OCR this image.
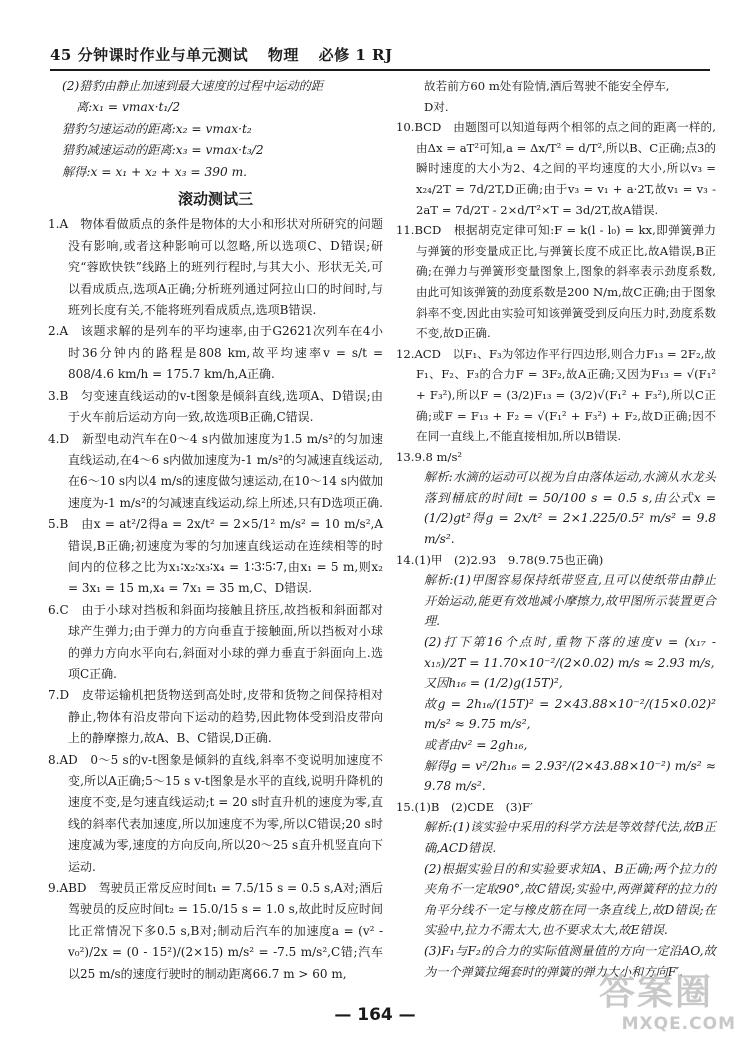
45 分钟课时作业与单元测试 物理 必修 1 RJ

(2)猎豹由静止加速到最大速度的过程中运动的距

离:x₁ = vmax·t₁/2

猎豹匀速运动的距离:x₂ = vmax·t₂

猎豹减速运动的距离:x₃ = vmax·t₃/2

解得:x = x₁ + x₂ + x₃ = 390 m.

滚动测试三

1.A　物体看做质点的条件是物体的大小和形状对所研究的问题没有影响,或者这种影响可以忽略,所以选项C、D错误;研究“蓉欧快铁”线路上的班列行程时,与其大小、形状无关,可以看成质点,选项A正确;分析班列通过阿拉山口的时间时,与班列长度有关,不能将班列看成质点,选项B错误.

2.A　该题求解的是列车的平均速率,由于G2621次列车在4小时36分钟内的路程是808 km,故平均速率v = s/t = 808/4.6 km/h = 175.7 km/h,A正确.

3.B　匀变速直线运动的v-t图象是倾斜直线,选项A、D错误;由于火车前后运动方向一致,故选项B正确,C错误.

4.D　新型电动汽车在0～4 s内做加速度为1.5 m/s²的匀加速直线运动,在4～6 s内做加速度为-1 m/s²的匀减速直线运动,在6～10 s内以4 m/s的速度做匀速运动,在10～14 s内做加速度为-1 m/s²的匀减速直线运动,综上所述,只有D选项正确.

5.B　由x = at²/2得a = 2x/t² = 2×5/1² m/s² = 10 m/s²,A错误,B正确;初速度为零的匀加速直线运动在连续相等的时间内的位移之比为x₁∶x₂∶x₃∶x₄ = 1∶3∶5∶7,由x₁ = 5 m,则x₂ = 3x₁ = 15 m,x₄ = 7x₁ = 35 m,C、D错误.

6.C　由于小球对挡板和斜面均接触且挤压,故挡板和斜面都对球产生弹力;由于弹力的方向垂直于接触面,所以挡板对小球的弹力方向水平向右,斜面对小球的弹力垂直于斜面向上.选项C正确.

7.D　皮带运输机把货物送到高处时,皮带和货物之间保持相对静止,物体有沿皮带向下运动的趋势,因此物体受到沿皮带向上的静摩擦力,故A、B、C错误,D正确.

8.AD　0～5 s的v-t图象是倾斜的直线,斜率不变说明加速度不变,所以A正确;5～15 s v-t图象是水平的直线,说明升降机的速度不变,是匀速直线运动;t = 20 s时直升机的速度为零,直线的斜率代表加速度,所以加速度不为零,所以C错误;20 s时速度减为零,速度的方向反向,所以20～25 s直升机竖直向下运动.

9.ABD　驾驶员正常反应时间t₁ = 7.5/15 s = 0.5 s,A对;酒后驾驶员的反应时间t₂ = 15.0/15 s = 1.0 s,故此时反应时间比正常情况下多0.5 s,B对;制动后汽车的加速度a = (v² - v₀²)/2x = (0 - 15²)/(2×15) m/s² = -7.5 m/s²,C错;汽车以25 m/s的速度行驶时的制动距离66.7 m > 60 m,

故若前方60 m处有险情,酒后驾驶不能安全停车,

D对.

10.BCD　由题图可以知道每两个相邻的点之间的距离一样的,由Δx = aT²可知,a = Δx/T² = d/T²,所以B、C正确;点3的瞬时速度的大小为2、4之间的平均速度的大小,所以v₃ = x₂₄/2T = 7d/2T,D正确;由于v₃ = v₁ + a·2T,故v₁ = v₃ - 2aT = 7d/2T - 2×d/T²×T = 3d/2T,故A错误.

11.BCD　根据胡克定律可知:F = k(l - l₀) = kx,即弹簧弹力与弹簧的形变量成正比,与弹簧长度不成正比,故A错误,B正确;在弹力与弹簧形变量图象上,图象的斜率表示劲度系数,由此可知该弹簧的劲度系数是200 N/m,故C正确;由于图象斜率不变,因此由实验可知该弹簧受到反向压力时,劲度系数不变,故D正确.

12.ACD　以F₁、F₃为邻边作平行四边形,则合力F₁₃ = 2F₂,故F₁、F₂、F₃的合力F = 3F₂,故A正确;又因为F₁₃ = √(F₁² + F₃²),所以F = (3/2)F₁₃ = (3/2)√(F₁² + F₃²),所以C正确;或F = F₁₃ + F₂ = √(F₁² + F₃²) + F₂,故D正确;因不在同一直线上,不能直接相加,所以B错误.

13.9.8 m/s²

解析:水滴的运动可以视为自由落体运动,水滴从水龙头落到桶底的时间t = 50/100 s = 0.5 s,由公式x = (1/2)gt²得g = 2x/t² = 2×1.225/0.5² m/s² = 9.8 m/s².

14.(1)甲　(2)2.93　9.78(9.75也正确)

解析:(1)甲图容易保持纸带竖直,且可以使纸带由静止开始运动,能更有效地减小摩擦力,故甲图所示装置更合理.

(2)打下第16个点时,重物下落的速度v = (x₁₇ - x₁₅)/2T = 11.70×10⁻²/(2×0.02) m/s ≈ 2.93 m/s,

又因h₁₆ = (1/2)g(15T)²,

故g = 2h₁₆/(15T)² = 2×43.88×10⁻²/(15×0.02)² m/s² ≈ 9.75 m/s²,

或者由v² = 2gh₁₆,

解得g = v²/2h₁₆ = 2.93²/(2×43.88×10⁻²) m/s² ≈ 9.78 m/s².

15.(1)B　(2)CDE　(3)F′

解析:(1)该实验中采用的科学方法是等效替代法,故B正确,ACD错误.

(2)根据实验目的和实验要求知A、B正确;两个拉力的夹角不一定取90°,故C错误;实验中,两弹簧秤的拉力的角平分线不一定与橡皮筋在同一条直线上,故D错误;在实验中,拉力不需太大,也不要求太大,故E错误.

(3)F₁与F₂的合力的实际值测量值的方向一定沿AO,故为一个弹簧拉绳套时的弹簧的弹力大小和方向F′.

— 164 —
答案圈
MXQE.COM
